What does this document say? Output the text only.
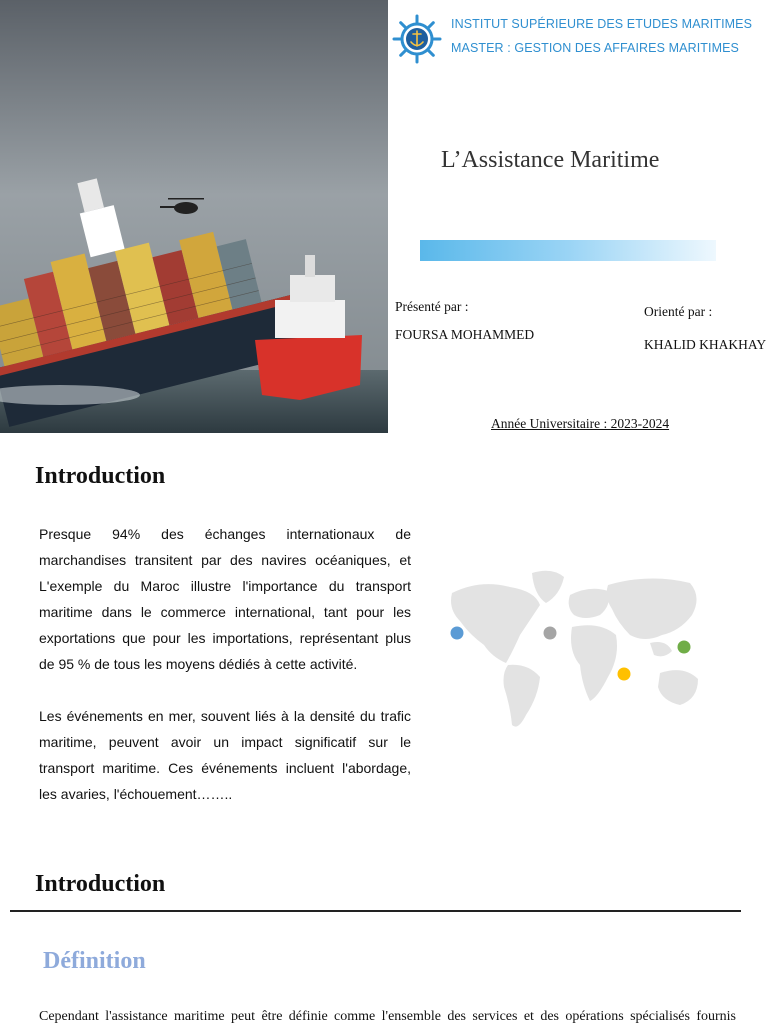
INSTITUT SUPÉRIEURE DES ETUDES MARITIMES
MASTER : GESTION DES AFFAIRES MARITIMES
L’Assistance Maritime
Présenté par :
FOURSA MOHAMMED
Orienté par :
KHALID KHAKHAY
Année Universitaire : 2023-2024
Introduction

Presque 94% des échanges internationaux de marchandises transitent par des navires océaniques, et L'exemple du Maroc illustre l'importance du transport maritime dans le commerce international, tant pour les exportations que pour les importations, représentant plus de 95 % de tous les moyens dédiés à cette activité.

Les événements en mer, souvent liés à la densité du trafic maritime, peuvent avoir un impact significatif sur le transport maritime. Ces événements incluent l'abordage, les avaries, l'échouement……..

Introduction
Définition

Cependant l'assistance maritime peut être définie comme l'ensemble des services et des opérations spécialisés fournis
